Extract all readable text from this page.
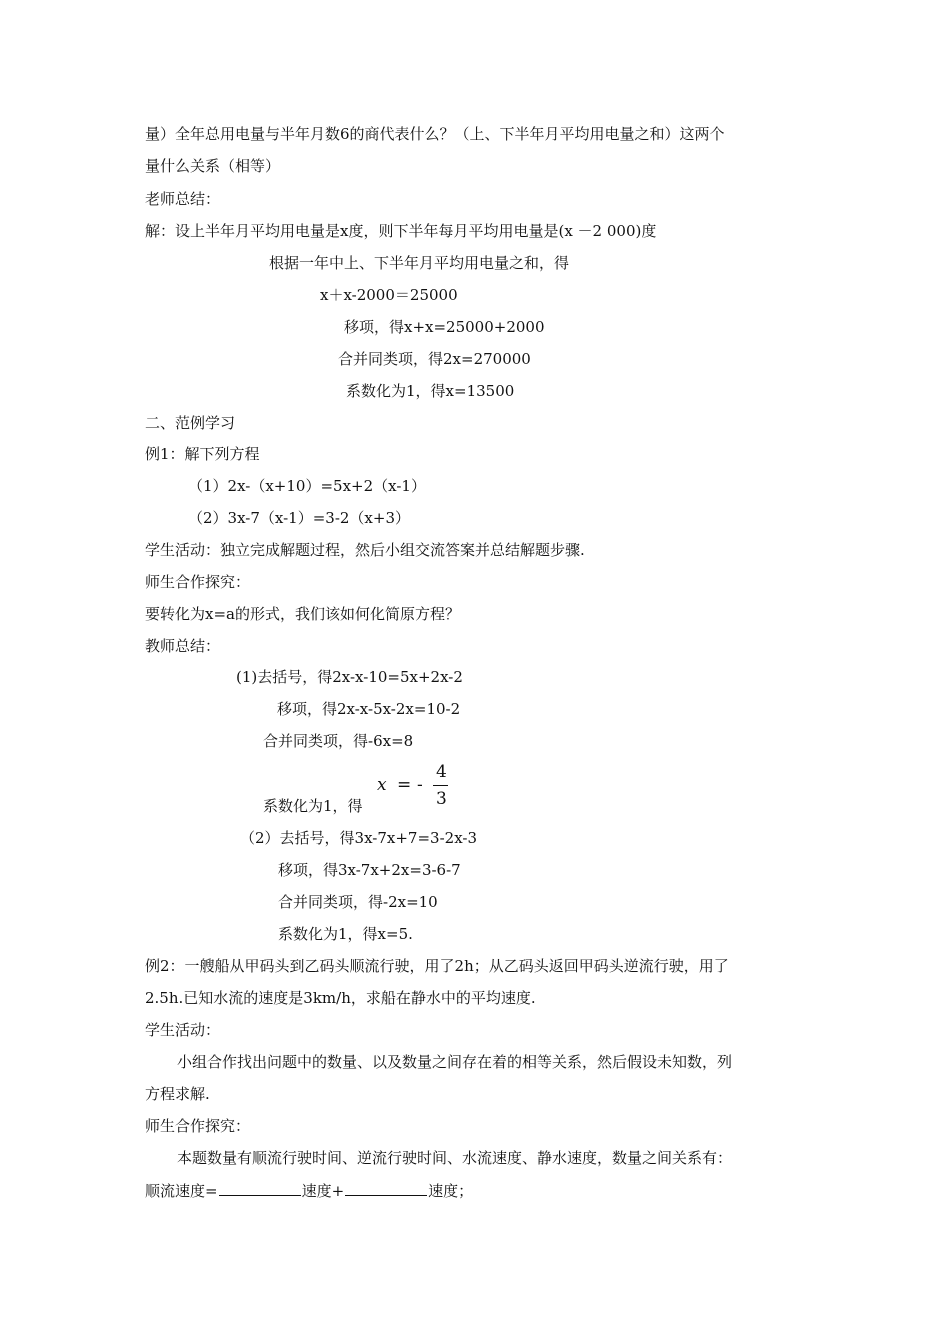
量）全年总用电量与半年月数6的商代表什么？（上、下半年月平均用电量之和）这两个
量什么关系（相等）
老师总结：
解：设上半年月平均用电量是x度，则下半年每月平均用电量是(x －2 000)度
根据一年中上、下半年月平均用电量之和，得
x＋x-2000＝25000
移项，得x+x=25000+2000
合并同类项，得2x=270000
系数化为1，得x=13500
二、范例学习
例1：解下列方程
（1）2x-（x+10）=5x+2（x-1）
（2）3x-7（x-1）=3-2（x+3）
学生活动：独立完成解题过程，然后小组交流答案并总结解题步骤.
师生合作探究：
要转化为x=a的形式，我们该如何化简原方程？
教师总结：
(1)去括号，得2x-x-10=5x+2x-2
移项，得2x-x-5x-2x=10-2
合并同类项，得-6x=8
系数化为1，得
x = -
4
3
（2）去括号，得3x-7x+7=3-2x-3
移项，得3x-7x+2x=3-6-7
合并同类项，得-2x=10
系数化为1，得x=5.
例2：一艘船从甲码头到乙码头顺流行驶，用了2h；从乙码头返回甲码头逆流行驶，用了
2.5h.已知水流的速度是3km/h，求船在静水中的平均速度.
学生活动：
小组合作找出问题中的数量、以及数量之间存在着的相等关系，然后假设未知数，列
方程求解.
师生合作探究：
本题数量有顺流行驶时间、逆流行驶时间、水流速度、静水速度，数量之间关系有：
顺流速度=	速度+	速度；
